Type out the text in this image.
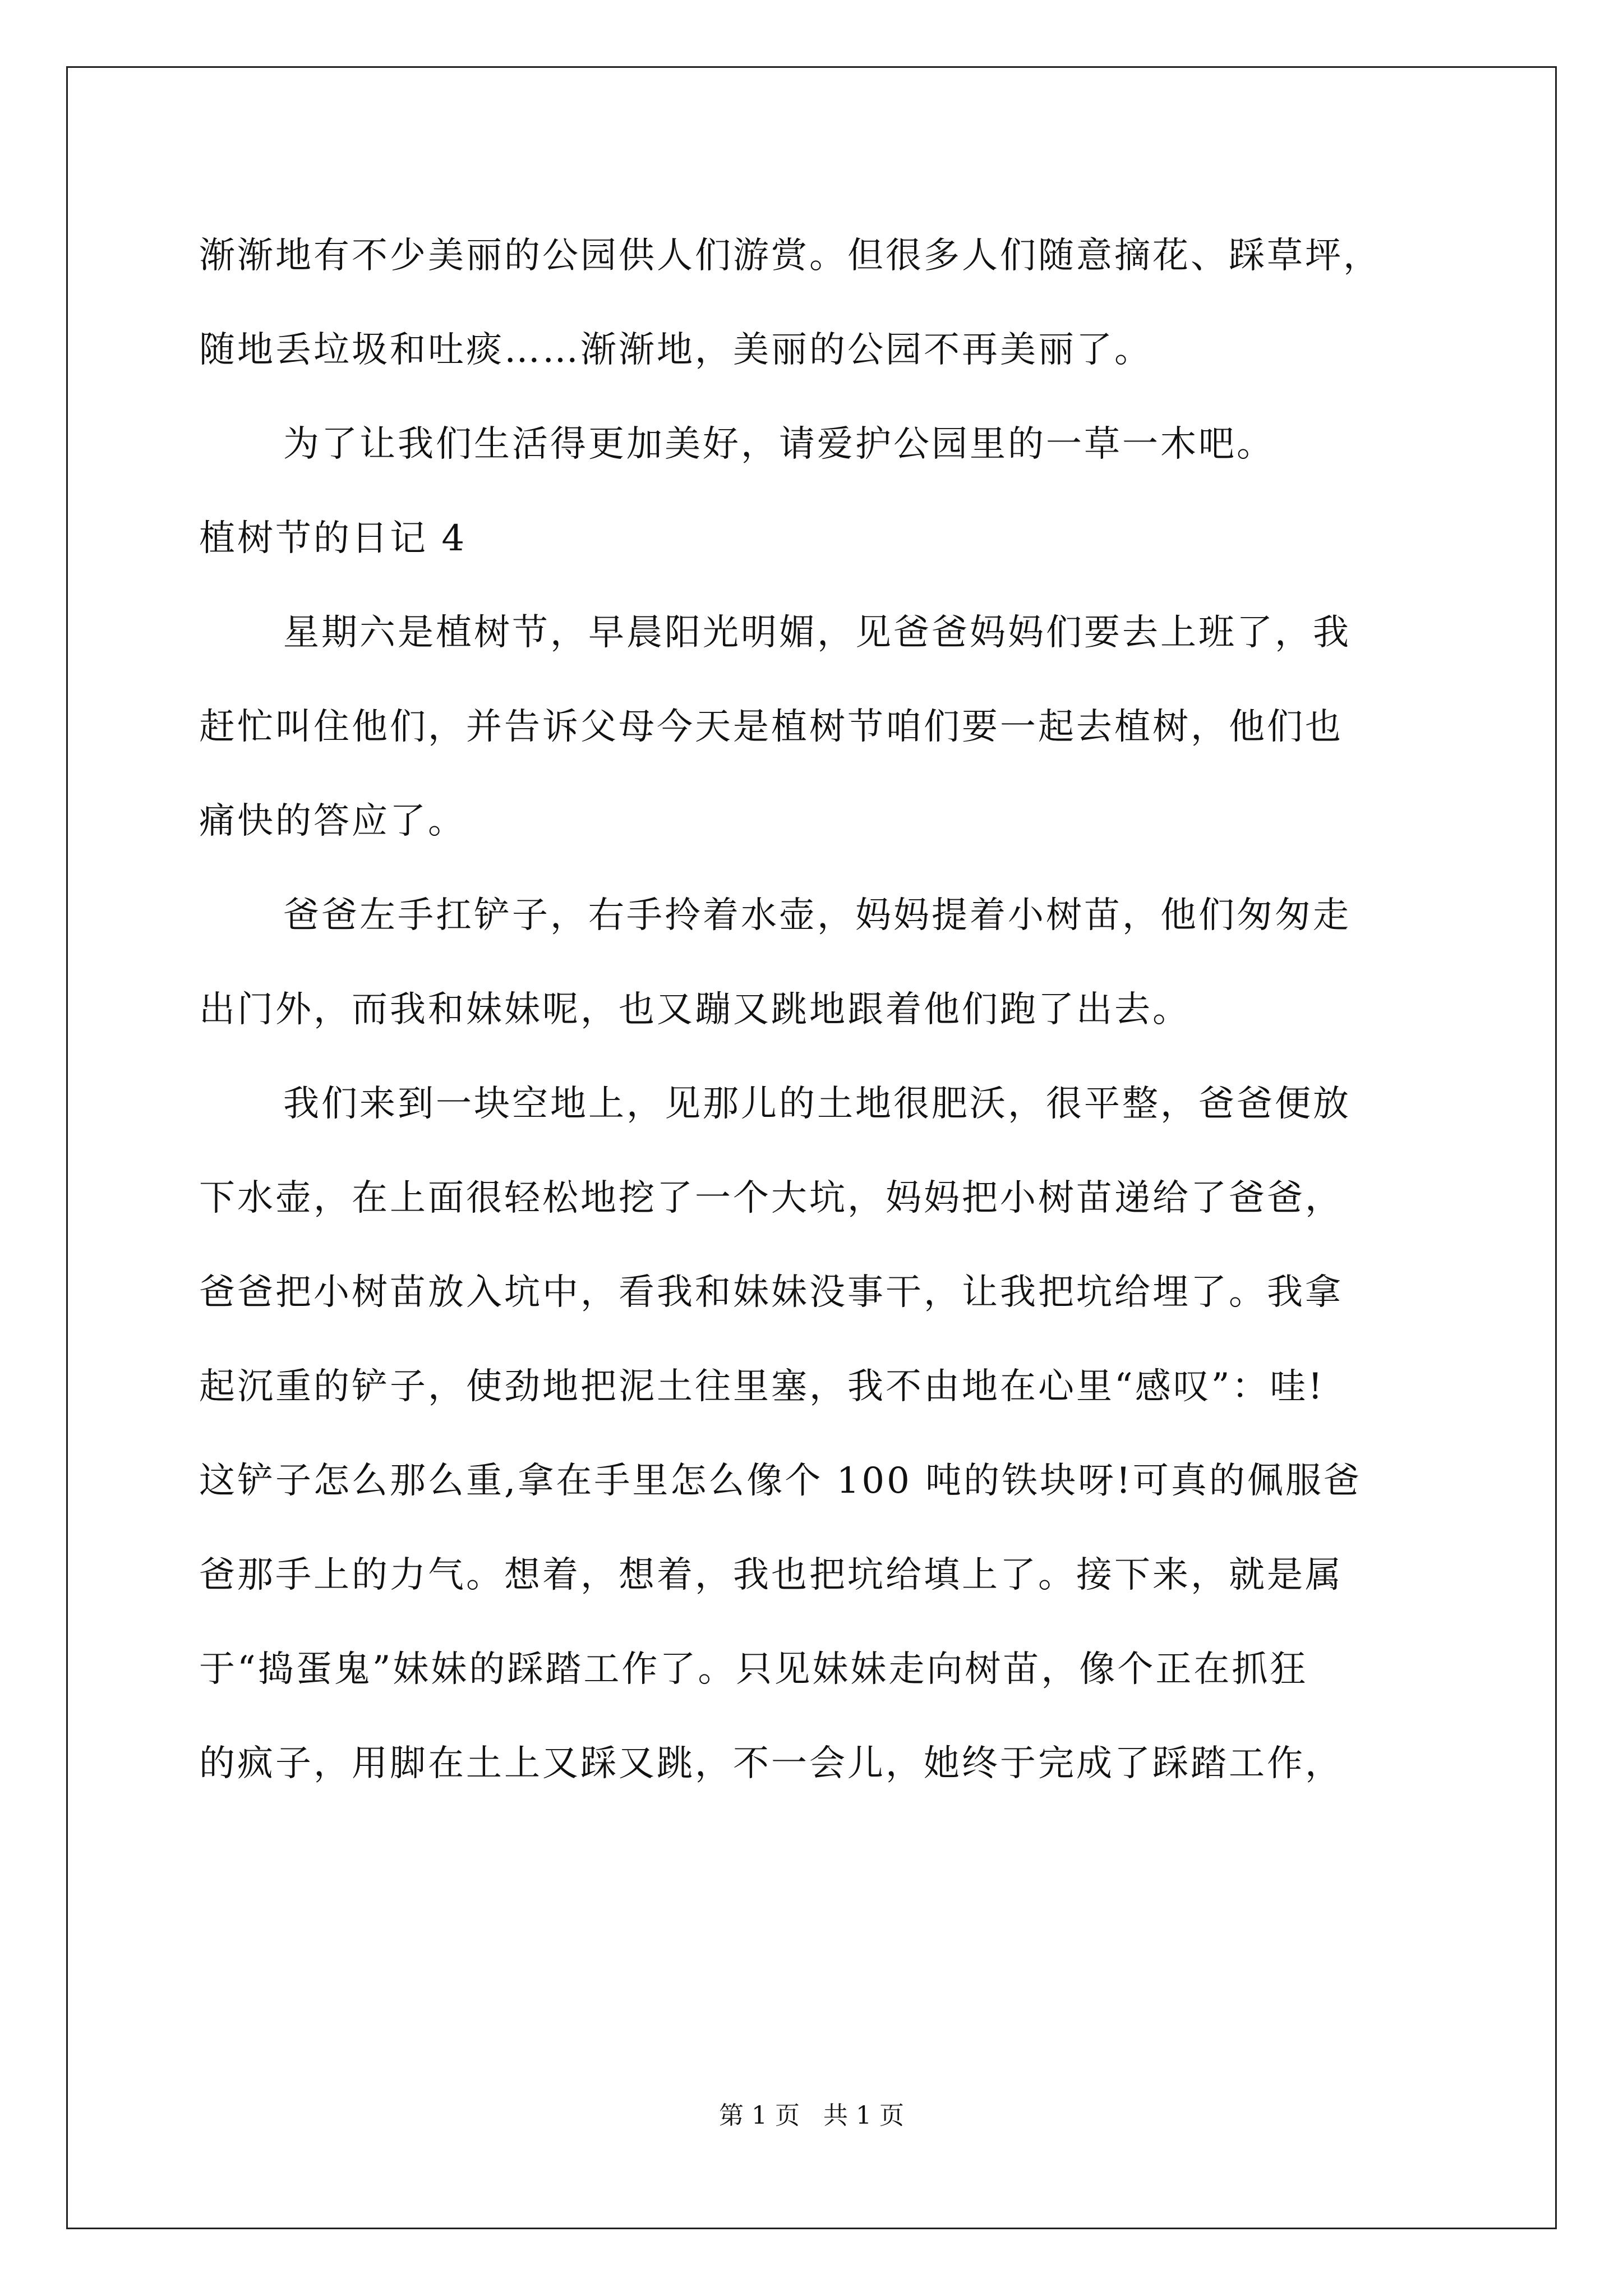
渐渐地有不少美丽的公园供人们游赏。但很多人们随意摘花、踩草坪，
随地丢垃圾和吐痰……渐渐地，美丽的公园不再美丽了。
为了让我们生活得更加美好，请爱护公园里的一草一木吧。
植树节的日记 4
星期六是植树节，早晨阳光明媚，见爸爸妈妈们要去上班了，我
赶忙叫住他们，并告诉父母今天是植树节咱们要一起去植树，他们也
痛快的答应了。
爸爸左手扛铲子，右手拎着水壶，妈妈提着小树苗，他们匆匆走
出门外，而我和妹妹呢，也又蹦又跳地跟着他们跑了出去。
我们来到一块空地上，见那儿的土地很肥沃，很平整，爸爸便放
下水壶，在上面很轻松地挖了一个大坑，妈妈把小树苗递给了爸爸，
爸爸把小树苗放入坑中，看我和妹妹没事干，让我把坑给埋了。我拿
起沉重的铲子，使劲地把泥土往里塞，我不由地在心里“感叹”：哇!
这铲子怎么那么重,拿在手里怎么像个 100 吨的铁块呀!可真的佩服爸
爸那手上的力气。想着，想着，我也把坑给填上了。接下来，就是属
于“捣蛋鬼”妹妹的踩踏工作了。只见妹妹走向树苗，像个正在抓狂
的疯子，用脚在土上又踩又跳，不一会儿，她终于完成了踩踏工作，
第 1 页   共 1 页
